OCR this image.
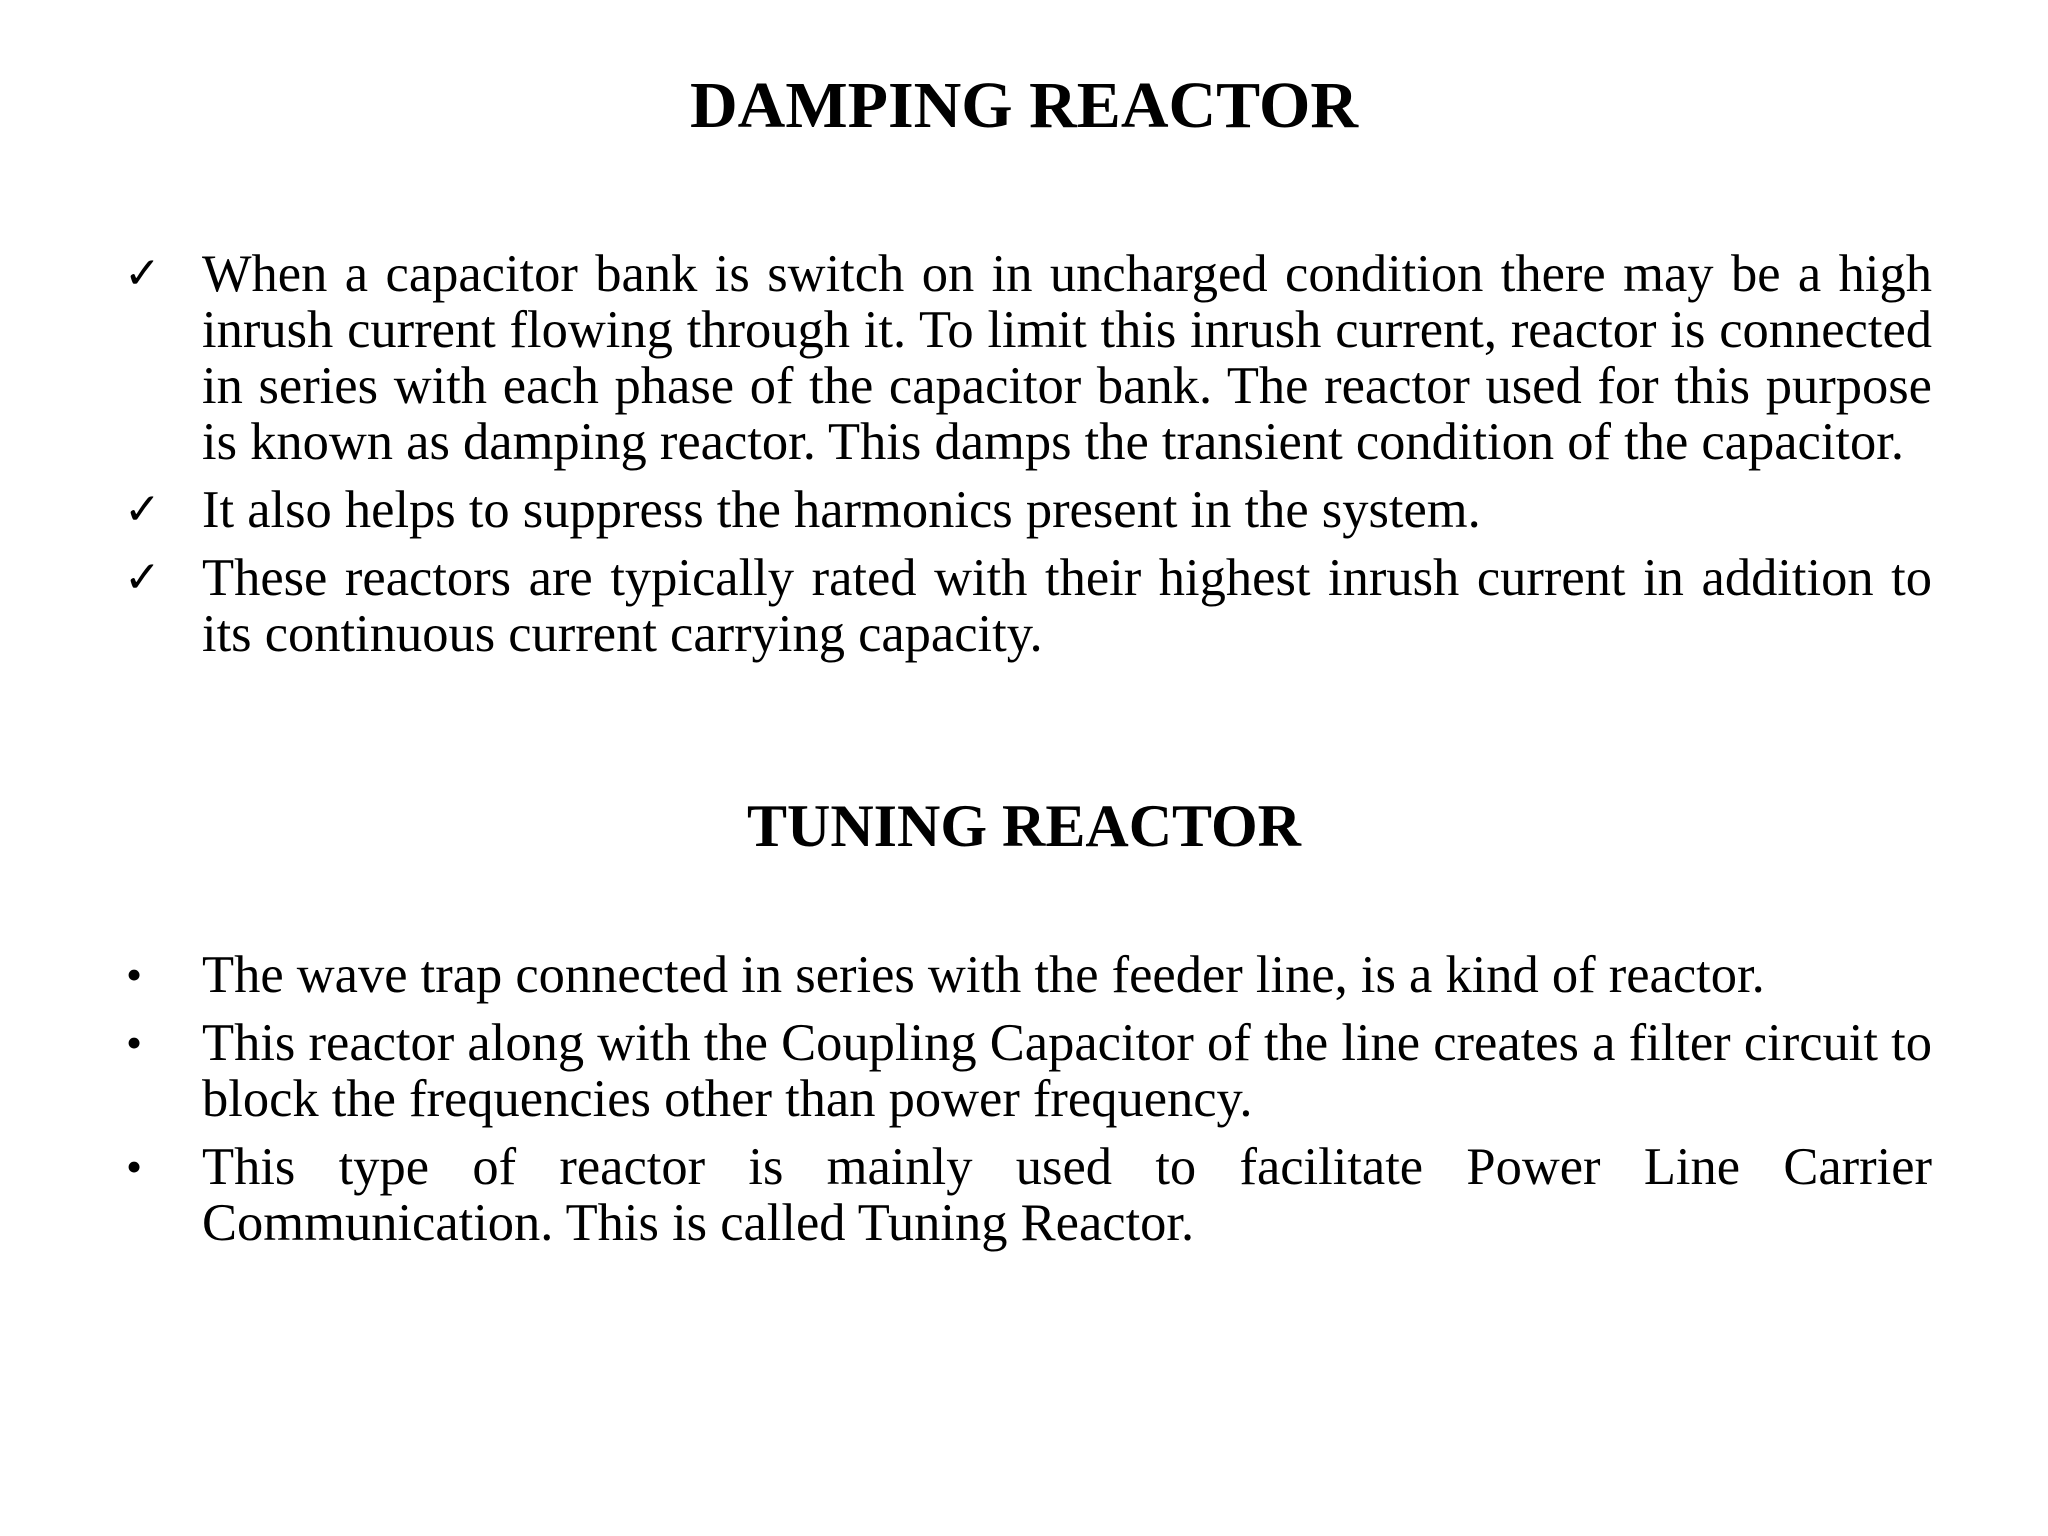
DAMPING REACTOR
✓ When a capacitor bank is switch on in uncharged condition there may be a high inrush current flowing through it. To limit this inrush current, reactor is connected in series with each phase of the capacitor bank. The reactor used for this purpose is known as damping reactor. This damps the transient condition of the capacitor.
✓ It also helps to suppress the harmonics present in the system.
✓ These reactors are typically rated with their highest inrush current in addition to its continuous current carrying capacity.
TUNING REACTOR
•	The wave trap connected in series with the feeder line, is a kind of reactor.
•	This reactor along with the Coupling Capacitor of the line creates a filter circuit to block the frequencies other than power frequency.
•	This type of reactor is mainly used to facilitate Power Line Carrier Communication. This is called Tuning Reactor.
